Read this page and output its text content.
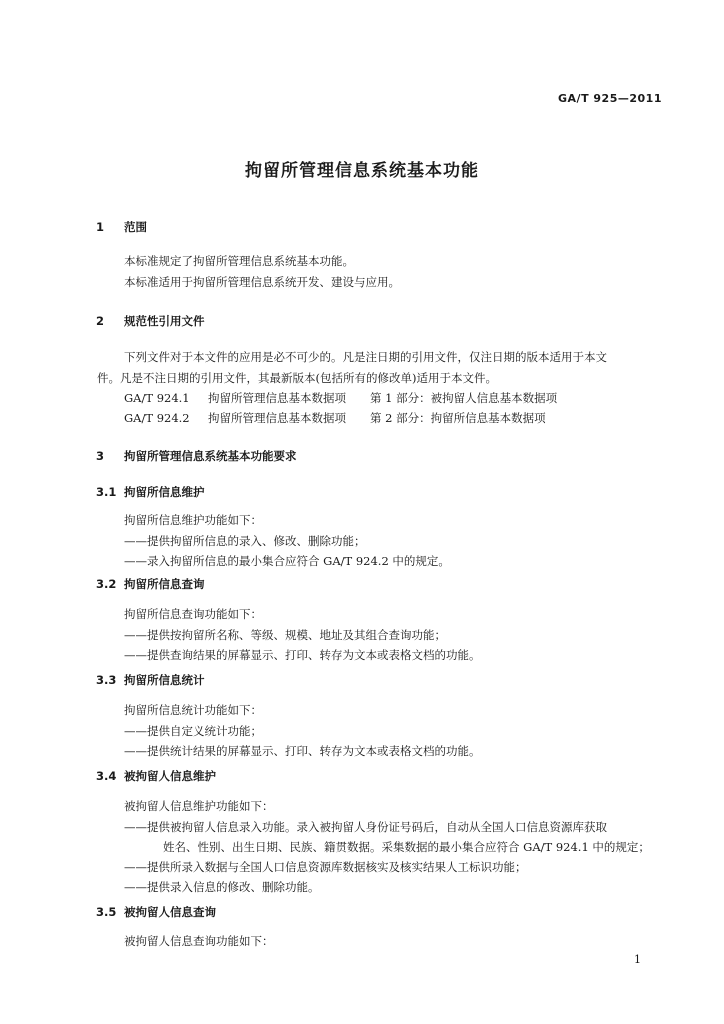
GA/T 925—2011
拘留所管理信息系统基本功能
1 范围
本标准规定了拘留所管理信息系统基本功能。
本标准适用于拘留所管理信息系统开发、建设与应用。
2 规范性引用文件
下列文件对于本文件的应用是必不可少的。凡是注日期的引用文件，仅注日期的版本适用于本文
件。凡是不注日期的引用文件，其最新版本(包括所有的修改单)适用于本文件。
GA/T 924.1 拘留所管理信息基本数据项 第 1 部分：被拘留人信息基本数据项
GA/T 924.2 拘留所管理信息基本数据项 第 2 部分：拘留所信息基本数据项
3 拘留所管理信息系统基本功能要求
3.1 拘留所信息维护
拘留所信息维护功能如下：
——提供拘留所信息的录入、修改、删除功能；
——录入拘留所信息的最小集合应符合 GA/T 924.2 中的规定。
3.2 拘留所信息查询
拘留所信息查询功能如下：
——提供按拘留所名称、等级、规模、地址及其组合查询功能；
——提供查询结果的屏幕显示、打印、转存为文本或表格文档的功能。
3.3 拘留所信息统计
拘留所信息统计功能如下：
——提供自定义统计功能；
——提供统计结果的屏幕显示、打印、转存为文本或表格文档的功能。
3.4 被拘留人信息维护
被拘留人信息维护功能如下：
——提供被拘留人信息录入功能。录入被拘留人身份证号码后，自动从全国人口信息资源库获取
姓名、性别、出生日期、民族、籍贯数据。采集数据的最小集合应符合 GA/T 924.1 中的规定；
——提供所录入数据与全国人口信息资源库数据核实及核实结果人工标识功能；
——提供录入信息的修改、删除功能。
3.5 被拘留人信息查询
被拘留人信息查询功能如下：
1
